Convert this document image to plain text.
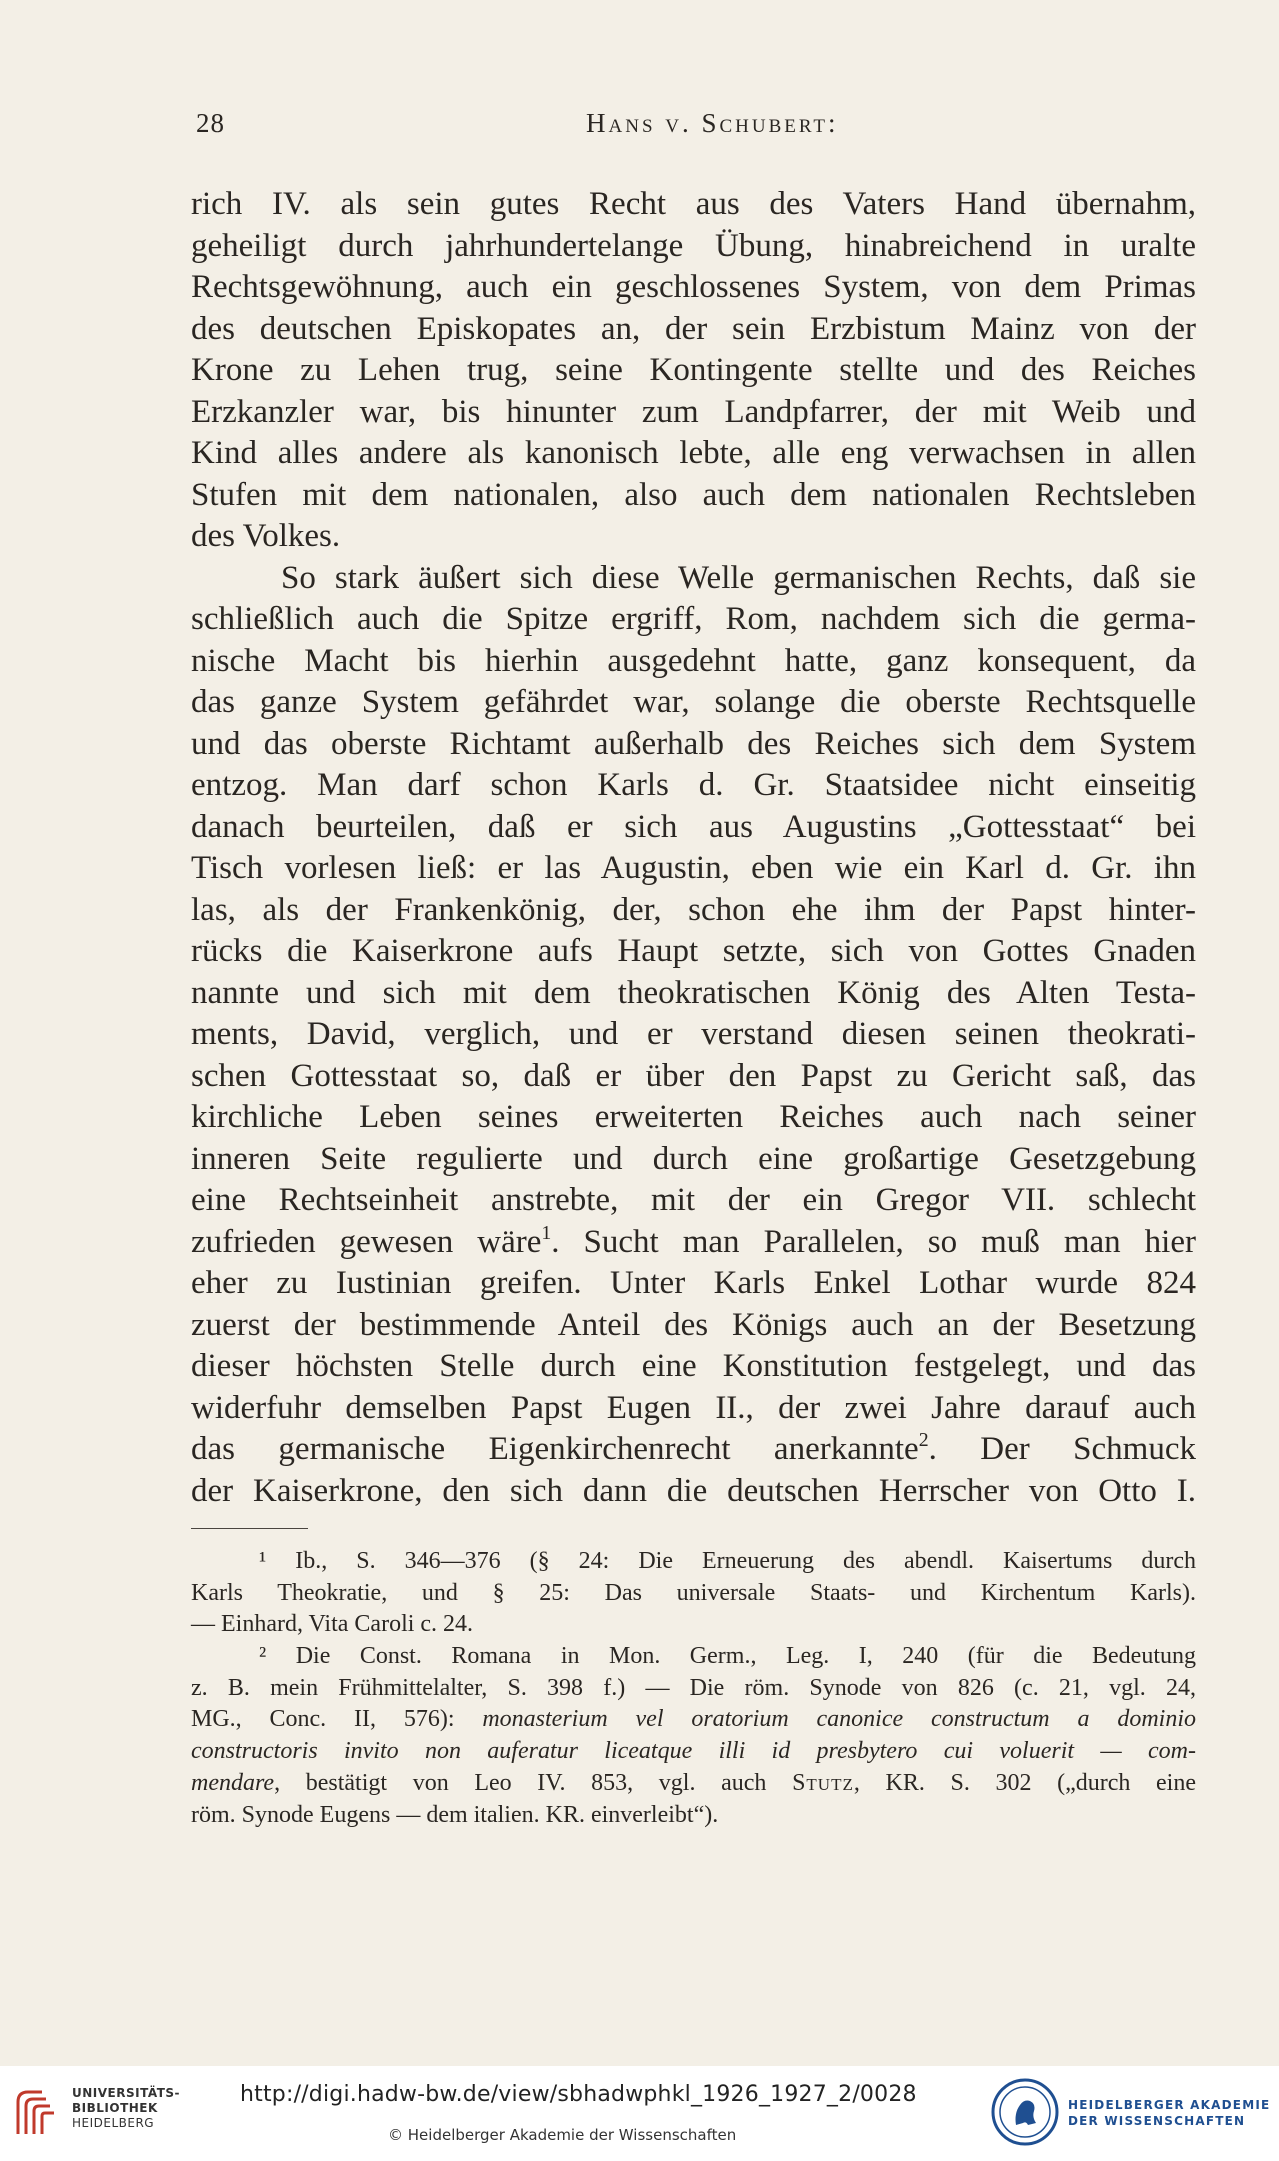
28	Hans v. Schubert:
rich IV. als sein gutes Recht aus des Vaters Hand übernahm,
geheiligt durch jahrhundertelange Übung, hinabreichend in uralte
Rechtsgewöhnung, auch ein geschlossenes System, von dem Primas
des deutschen Episkopates an, der sein Erzbistum Mainz von der
Krone zu Lehen trug, seine Kontingente stellte und des Reiches
Erzkanzler war, bis hinunter zum Landpfarrer, der mit Weib und
Kind alles andere als kanonisch lebte, alle eng verwachsen in allen
Stufen mit dem nationalen, also auch dem nationalen Rechtsleben
des Volkes.
So stark äußert sich diese Welle germanischen Rechts, daß sie
schließlich auch die Spitze ergriff, Rom, nachdem sich die germa-
nische Macht bis hierhin ausgedehnt hatte, ganz konsequent, da
das ganze System gefährdet war, solange die oberste Rechtsquelle
und das oberste Richtamt außerhalb des Reiches sich dem System
entzog. Man darf schon Karls d. Gr. Staatsidee nicht einseitig
danach beurteilen, daß er sich aus Augustins „Gottesstaat“ bei
Tisch vorlesen ließ: er las Augustin, eben wie ein Karl d. Gr. ihn
las, als der Frankenkönig, der, schon ehe ihm der Papst hinter-
rücks die Kaiserkrone aufs Haupt setzte, sich von Gottes Gnaden
nannte und sich mit dem theokratischen König des Alten Testa-
ments, David, verglich, und er verstand diesen seinen theokrati-
schen Gottesstaat so, daß er über den Papst zu Gericht saß, das
kirchliche Leben seines erweiterten Reiches auch nach seiner
inneren Seite regulierte und durch eine großartige Gesetzgebung
eine Rechtseinheit anstrebte, mit der ein Gregor VII. schlecht
zufrieden gewesen wäre$^1$. Sucht man Parallelen, so muß man hier
eher zu Iustinian greifen. Unter Karls Enkel Lothar wurde 824
zuerst der bestimmende Anteil des Königs auch an der Besetzung
dieser höchsten Stelle durch eine Konstitution festgelegt, und das
widerfuhr demselben Papst Eugen II., der zwei Jahre darauf auch
das germanische Eigenkirchenrecht anerkannte$^2$. Der Schmuck
der Kaiserkrone, den sich dann die deutschen Herrscher von Otto I.
¹ Ib., S. 346—376 (§ 24: Die Erneuerung des abendl. Kaisertums durch
Karls Theokratie, und § 25: Das universale Staats- und Kirchentum Karls).
— Einhard, Vita Caroli c. 24.
² Die Const. Romana in Mon. Germ., Leg. I, 240 (für die Bedeutung
z. B. mein Frühmittelalter, S. 398 f.) — Die röm. Synode von 826 (c. 21, vgl. 24,
MG., Conc. II, 576): monasterium vel oratorium canonice constructum a dominio
constructoris invito non auferatur liceatque illi id presbytero cui voluerit — com-
mendare, bestätigt von Leo IV. 853, vgl. auch Stutz, KR. S. 302 („durch eine
röm. Synode Eugens — dem italien. KR. einverleibt“).
UNIVERSITÄTS-
BIBLIOTHEK
HEIDELBERG
http://digi.hadw-bw.de/view/sbhadwphkl_1926_1927_2/0028
© Heidelberger Akademie der Wissenschaften
HEIDELBERGER AKADEMIE
DER WISSENSCHAFTEN
